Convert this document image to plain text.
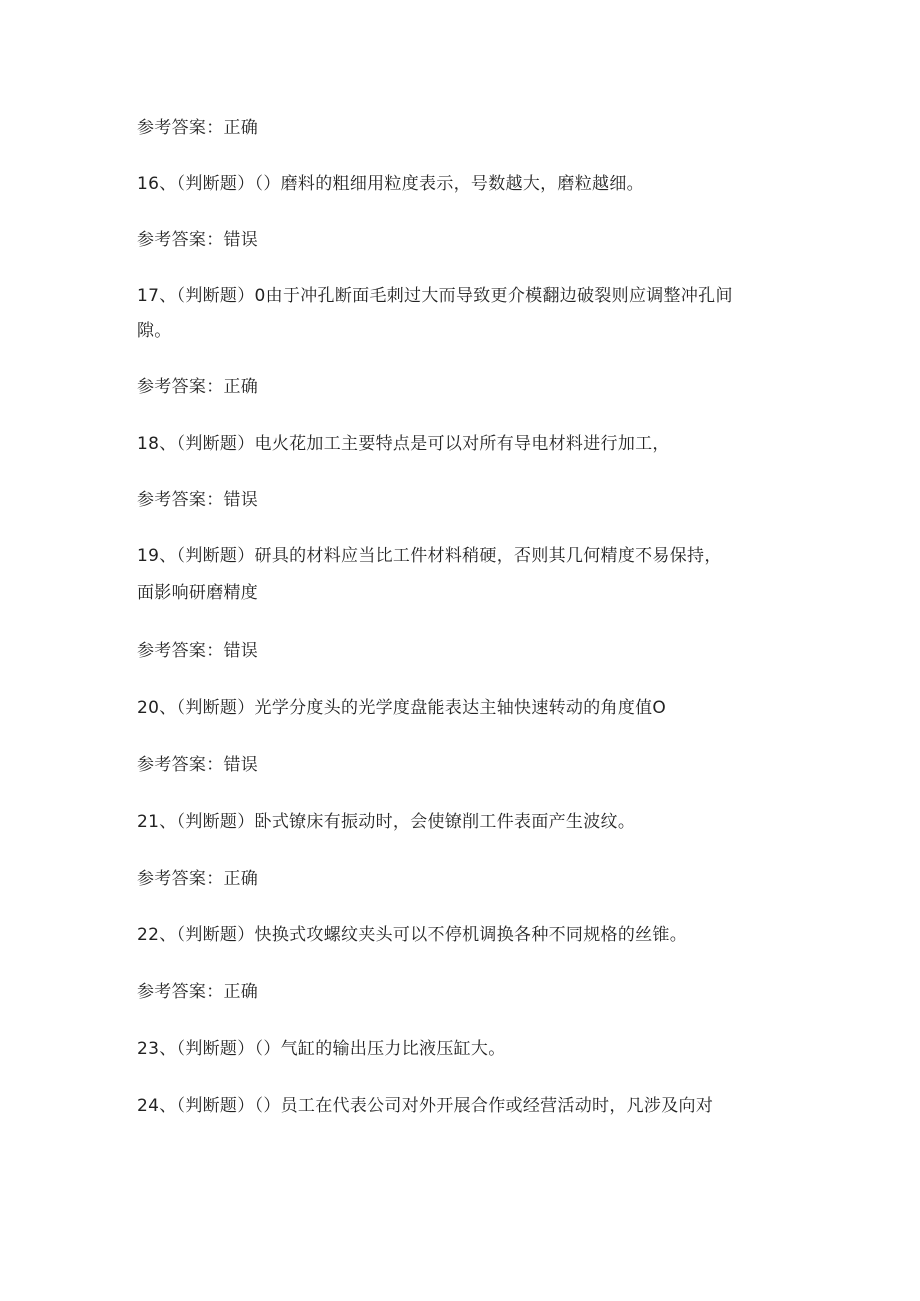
参考答案：正确
16、（判断题）（）磨料的粗细用粒度表示，号数越大，磨粒越细。
参考答案：错误
17、（判断题）0由于冲孔断面毛刺过大而导致更介模翻边破裂则应调整冲孔间
隙。
参考答案：正确
18、（判断题）电火花加工主要特点是可以对所有导电材料进行加工，
参考答案：错误
19、（判断题）研具的材料应当比工件材料稍硬，否则其几何精度不易保持，
面影响研磨精度
参考答案：错误
20、（判断题）光学分度头的光学度盘能表达主轴快速转动的角度值O
参考答案：错误
21、（判断题）卧式镣床有振动时，会使镣削工件表面产生波纹。
参考答案：正确
22、（判断题）快换式攻螺纹夹头可以不停机调换各种不同规格的丝锥。
参考答案：正确
23、（判断题）（）气缸的输出压力比液压缸大。
24、（判断题）（）员工在代表公司对外开展合作或经营活动时，凡涉及向对
